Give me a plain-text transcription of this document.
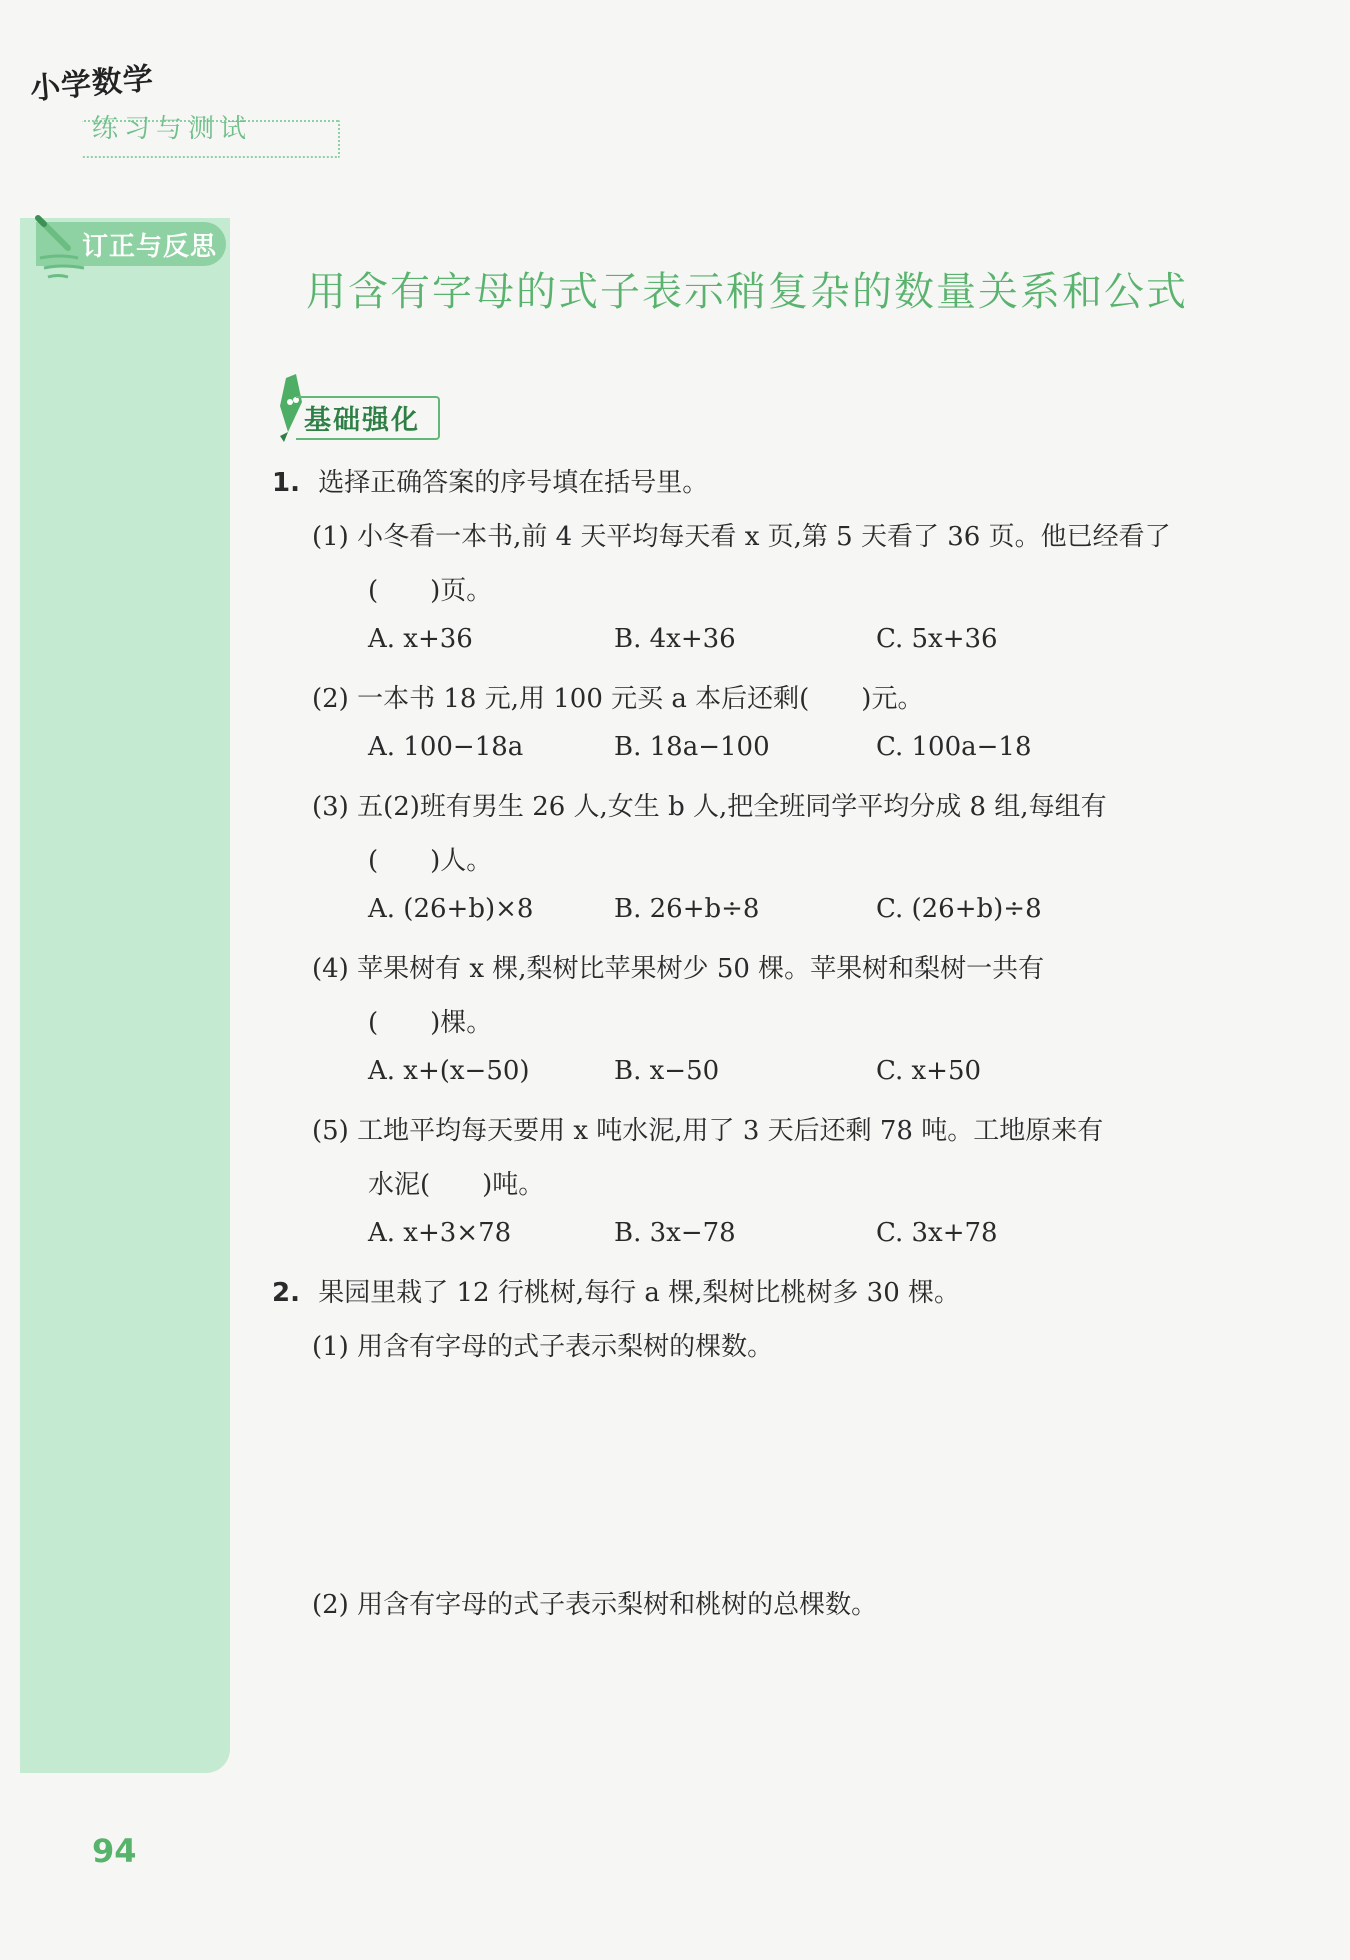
小学数学
练习与测试
订正与反思
用含有字母的式子表示稍复杂的数量关系和公式
基础强化
1. 选择正确答案的序号填在括号里。
(1) 小冬看一本书,前 4 天平均每天看 x 页,第 5 天看了 36 页。他已经看了
(　　)页。
A. x+36	B. 4x+36	C. 5x+36
(2) 一本书 18 元,用 100 元买 a 本后还剩(　　)元。
A. 100−18a	B. 18a−100	C. 100a−18
(3) 五(2)班有男生 26 人,女生 b 人,把全班同学平均分成 8 组,每组有
(　　)人。
A. (26+b)×8	B. 26+b÷8	C. (26+b)÷8
(4) 苹果树有 x 棵,梨树比苹果树少 50 棵。苹果树和梨树一共有
(　　)棵。
A. x+(x−50)	B. x−50	C. x+50
(5) 工地平均每天要用 x 吨水泥,用了 3 天后还剩 78 吨。工地原来有
水泥(　　)吨。
A. x+3×78	B. 3x−78	C. 3x+78
2. 果园里栽了 12 行桃树,每行 a 棵,梨树比桃树多 30 棵。
(1) 用含有字母的式子表示梨树的棵数。
(2) 用含有字母的式子表示梨树和桃树的总棵数。
94
